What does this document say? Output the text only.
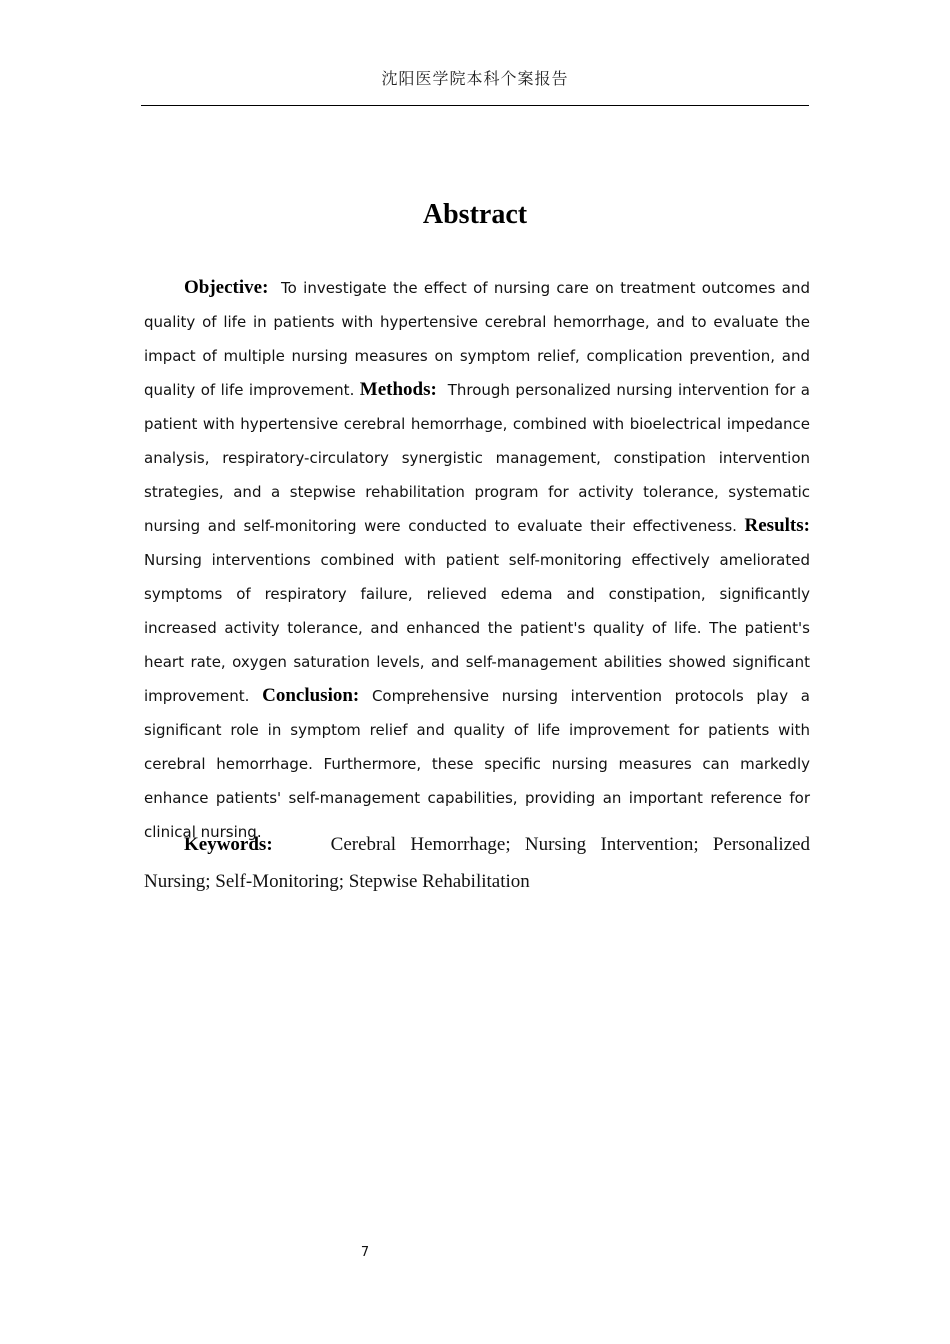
沈阳医学院本科个案报告
Abstract

Objective: To investigate the effect of nursing care on treatment outcomes and quality of life in patients with hypertensive cerebral hemorrhage, and to evaluate the impact of multiple nursing measures on symptom relief, complication prevention, and quality of life improvement. Methods: Through personalized nursing intervention for a patient with hypertensive cerebral hemorrhage, combined with bioelectrical impedance analysis, respiratory-circulatory synergistic management, constipation intervention strategies, and a stepwise rehabilitation program for activity tolerance, systematic nursing and self-monitoring were conducted to evaluate their effectiveness. Results: Nursing interventions combined with patient self-monitoring effectively ameliorated symptoms of respiratory failure, relieved edema and constipation, significantly increased activity tolerance, and enhanced the patient's quality of life. The patient's heart rate, oxygen saturation levels, and self-management abilities showed significant improvement. Conclusion: Comprehensive nursing intervention protocols play a significant role in symptom relief and quality of life improvement for patients with cerebral hemorrhage. Furthermore, these specific nursing measures can markedly enhance patients' self-management capabilities, providing an important reference for clinical nursing.

Keywords:	Cerebral Hemorrhage; Nursing Intervention; Personalized Nursing; Self-Monitoring; Stepwise Rehabilitation

7
